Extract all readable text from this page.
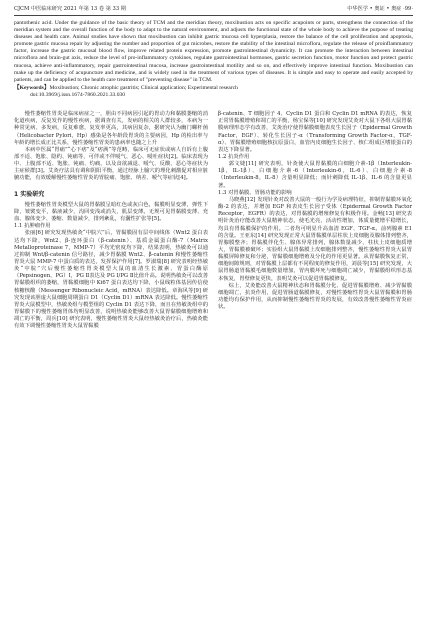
CJCM 中医临床研究 2021 年第 13 卷 第 33 期	中华医学 • 奥证 • 奥症 ·99·

pantothenic acid. Under the guidance of the basic theory of TCM and the meridian theory, moxibustion acts on specific acupoints or parts, strengthens the connection of the meridian system and the overall function of the body to adapt to the natural environment, and adjusts the functional state of the whole body to achieve the purpose of treating diseases and health care. Animal studies have shown that moxibustion can inhibit gastric mucosa cell hyperplasia, restore the balance of the cell proliferation and apoptosis, promote gastric mucosa repair by adjusting the number and proportion of gut microbes, restore the stability of the intestinal microflora, regulate the release of proinflammatory factor, increase the gastric mucosal blood flow, improve related protein expression, promote gastrointestinal dynamicity. It can promote the interaction between intestinal microflora and brain-gut axis, reduce the level of pro-inflammatory cytokines, regulate gastrointestinal hormones, gastric secretion function, motor function and protect gastric mucosa, achieve anti-inflammatory, repair gastrointestinal mucosa, increase gastrointestinal motility and so on, and effectively improve intestinal function. Moxibustion can make up the deficiency of acupuncture and medicine, and is widely used in the treatment of various types of diseases. It is simple and easy to operate and easily accepted by patients, and can be applied to the health care treatment of "preventing disease" in TCM.

【Keywords】Moxibustion; Chronic atrophic gastritis; Clinical application; Experimental research

doi:10.3969/j.issn.1674-7860.2021.33.030

慢性萎缩性胃炎是临床病症之一，胆由不同病因引起的胃动力和黏膜萎缩的消化道疾病，反复发作的慢性疾病，据调查有关，发病的相关的人群较多，本病为一种常见病、多发病，反复难愈，复发率更高，其病因复杂，据研究认为幽门螺杆菌（Helicobacter Pylori，Hp）感染是各年龄段胃炎的主要病因，Hp 的检出率与年龄的增长成正比关系，慢性萎缩性胃炎的患病率也随之上升

本病中医属“胃痛”“心下痞”及“痞满”等范畴，临床可无症状或病人自诉有上腹部不适、饱胀、隐约、钝痛等，可伴或不伴嗳气、恶心、嗳吐症状[2]。临床表现为中、上腹部不适、饱胀、钝痛、灼痛，以及食欲减退、嗳气、反酸、恶心等症状为主症候群[3]。艾灸疗法具有调和阴阳平衡，通过经脉上腧穴的理化刺激促对相应脏腑功能，有效缓解慢性萎缩性胃炎的胃脘痛、饱胀、纳差、嗳气等症状[4]。

1 实验研究

慢性萎缩性胃炎模型大鼠的胃黏膜呈暗红色或灰白色，黏膜明显变薄，弹性下降，皱襞变平，黏液减少，沟回变浅或消失，肌层变薄。无规可见胃黏膜变薄、充血、腺体变少、萎缩、数量减少，排列紊乱，有囊性扩张等[5]。

1.1 抗肿瘤作用

张丽[6] 研究发现热敏灸“中脘穴”后，胃黏膜固有层中间线体（Wnt2 蛋白表达均下降，Wnt2、β-连环蛋白（β-catenin）、基质金属蛋白酶-7（Matrix Metalloproteinase 7，MMP-7）平均光密度均下降，结果表明，热敏灸可以通过抑制 Wnt/β-catenin 信号路径，减少胃黏膜 Wnt2、β-catenin 和慢性萎缩性胃炎大鼠 MMP-7 中蛋白质的表达，发挥保护作用[7]。罗淑瑞[8] 研究表明经热敏灸“中脘”穴后慢性萎缩性胃炎模型大鼠的血清生长激素、胃蛋白酶原（Pepsinogen，PG）Ⅰ，PG Ⅱ表达及 PG Ⅰ/PG Ⅱ比值升高。说明热敏灸可以改善胃黏膜组织的萎缩，胃黏膜细胞中 Ki67 蛋白表达均下降，小鼠线粒体基因传信使核糖核酸（Messenger Ribonucleic Acid，mRNA）表达降低。章海风等[9] 研究发现该胆虚大鼠细胞周期蛋白 D1（Cyclin D1）mRNA 表达降低。慢性萎缩性胃炎大鼠模型中，热敏灸组与模型组的 Cyclin D1 表达下降，而且在热敏灸组中的胃黏膜下的慢性萎缩胃体均明显改善，说明热敏灸能够改善大鼠胃黏膜细胞增殖和凋亡的平衡，周兵[10] 研究表明，慢性萎缩性胃炎大鼠经热敏灸治疗后，热敏灸能有效下调慢性萎缩性胃炎大鼠胃黏膜

β-catenin、T 细胞因子 4、Cyclin D1 蛋白和 Cyclin D1 mRNA 的表达，恢复正常胃黏膜增殖和凋亡的平衡，杨宝保等[10] 研究发现艾灸对大鼠下各组大鼠胃黏膜病理形态学有改善，艾灸治疗使胃黏膜细胞表皮生长因子（Epidermal Growth Factor，EGF）、转化生长因子-α（Transforming Growth Factor-α，TGF-α）、胃黏膜增殖细胞核抗原蛋白，血管内皮细胞生长因子、核仁组成区嗜银蛋白的表达下降显著。

1.2 抗炎作用

郭文婕[11] 研究表明，针灸使大鼠胃黏膜的白细胞介素-1β（Interleukin-1β，IL-1β）、白细胞介素-6（Interleukin-6，IL-6）、白细胞介素-8（Interleukin-8，IL-8）含量明显降低；而针刺降低 IL-1β、IL-6 的含量更显著。

1.3 对胃黏膜、胃肠功能的影响

马晓燕[12] 发现针灸对改善大鼠的一般行为学及病理特征，抑制胃黏膜环氧化酶-2 的表达，并增加 EGF 和表皮生长因子受体（Epidermal Growth Factor Receptor，EGFR）的表达，对胃黏膜的增殖修复有积极作用。金畅[13] 研究表明针灸治疗能改善大鼠精神状态，使毛光亮，活动性增加，体质量健增平稳增长，均具有胃黏膜保护的作用。二者均可明显升高血清 EGF、TGF-α。前列腺素 E1 的含量。王亚东[14] 研究发现正常大鼠胃黏膜单层柱状上皮细胞及腺体排列整齐，胃腺膜整齐；胃黏膜伴化生、腺体异常排列，腺体数量减少，柱状上皮细胞质增大，胃黏膜被破坏；实验组大鼠胃黏膜上皮细胞排列整齐，慢性萎缩性胃炎大鼠胃黏膜屏障修复和分泌，胃黏膜细胞增殖及分化的作用更显著。从胃黏膜恢复正常，细胞间隙规则，对胃黏膜上层都有不同程度的修复作用，刘晨等[15] 研究发现，大鼠胃肠道胃黏膜毛细胞数量增加，胃内膜坏死与细胞凋亡减少，胃黏膜组织形态基本恢复，胃壁修复更快，表明艾灸可以促进胃黏膜修复。

综上，艾灸能改善大鼠精神状态和胃黏膜分化、促进胃黏膜增殖、减少胃黏膜细胞凋亡，抗炎作用，促进胃肠道黏膜修复，对慢性萎缩性胃炎大鼠胃黏膜和胃肠功能均有保护作用，从而抑制慢性萎缩性胃炎的发展，有效改善慢性萎缩性胃炎症状。
